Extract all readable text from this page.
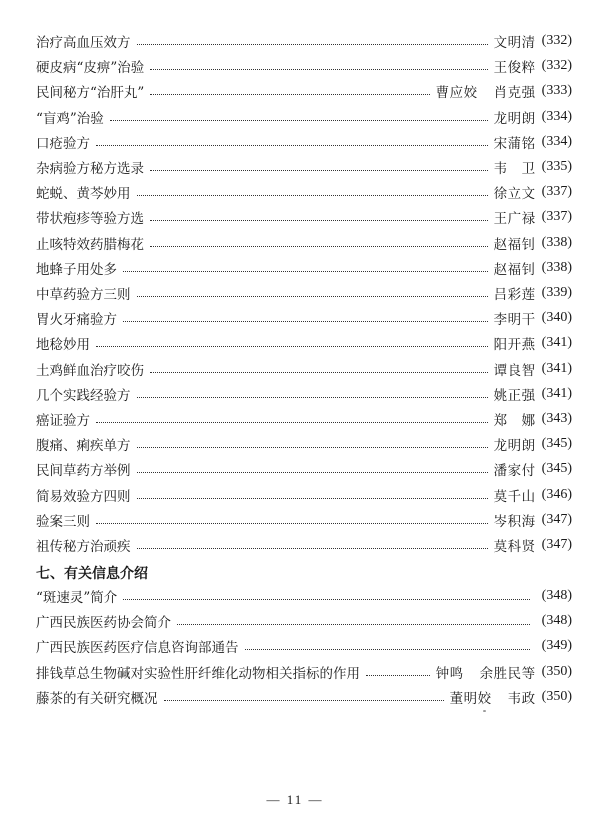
治疗高血压效方	文明清 (332)
硬皮病“皮痹”治验	王俊粹 (332)
民间秘方“治肝丸”	曹应姣 肖克强 (333)
“盲鸡”治验	龙明朗 (334)
口疮验方	宋蒲铭 (334)
杂病验方秘方选录	韦　卫 (335)
蛇蜕、黄芩妙用	徐立文 (337)
带状疱疹等验方选	王广禄 (337)
止咳特效药腊梅花	赵福钊 (338)
地蜂子用处多	赵福钊 (338)
中草药验方三则	吕彩莲 (339)
胃火牙痛验方	李明干 (340)
地稔妙用	阳开燕 (341)
土鸡鲜血治疗咬伤	谭良智 (341)
几个实践经验方	姚正强 (341)
癌证验方	郑　娜 (343)
腹痛、痢疾单方	龙明朗 (345)
民间草药方举例	潘家付 (345)
简易效验方四则	莫千山 (346)
验案三则	岑积海 (347)
祖传秘方治顽疾	莫科贤 (347)
“斑速灵”简介	(348)
广西民族医药协会简介	(348)
广西民族医药医疗信息咨询部通告	(349)
排钱草总生物碱对实验性肝纤维化动物相关指标的作用	钟鸣 余胜民等 (350)
藤茶的有关研究概况	董明姣 韦政 (350)
七、有关信息介绍
— 11 —
